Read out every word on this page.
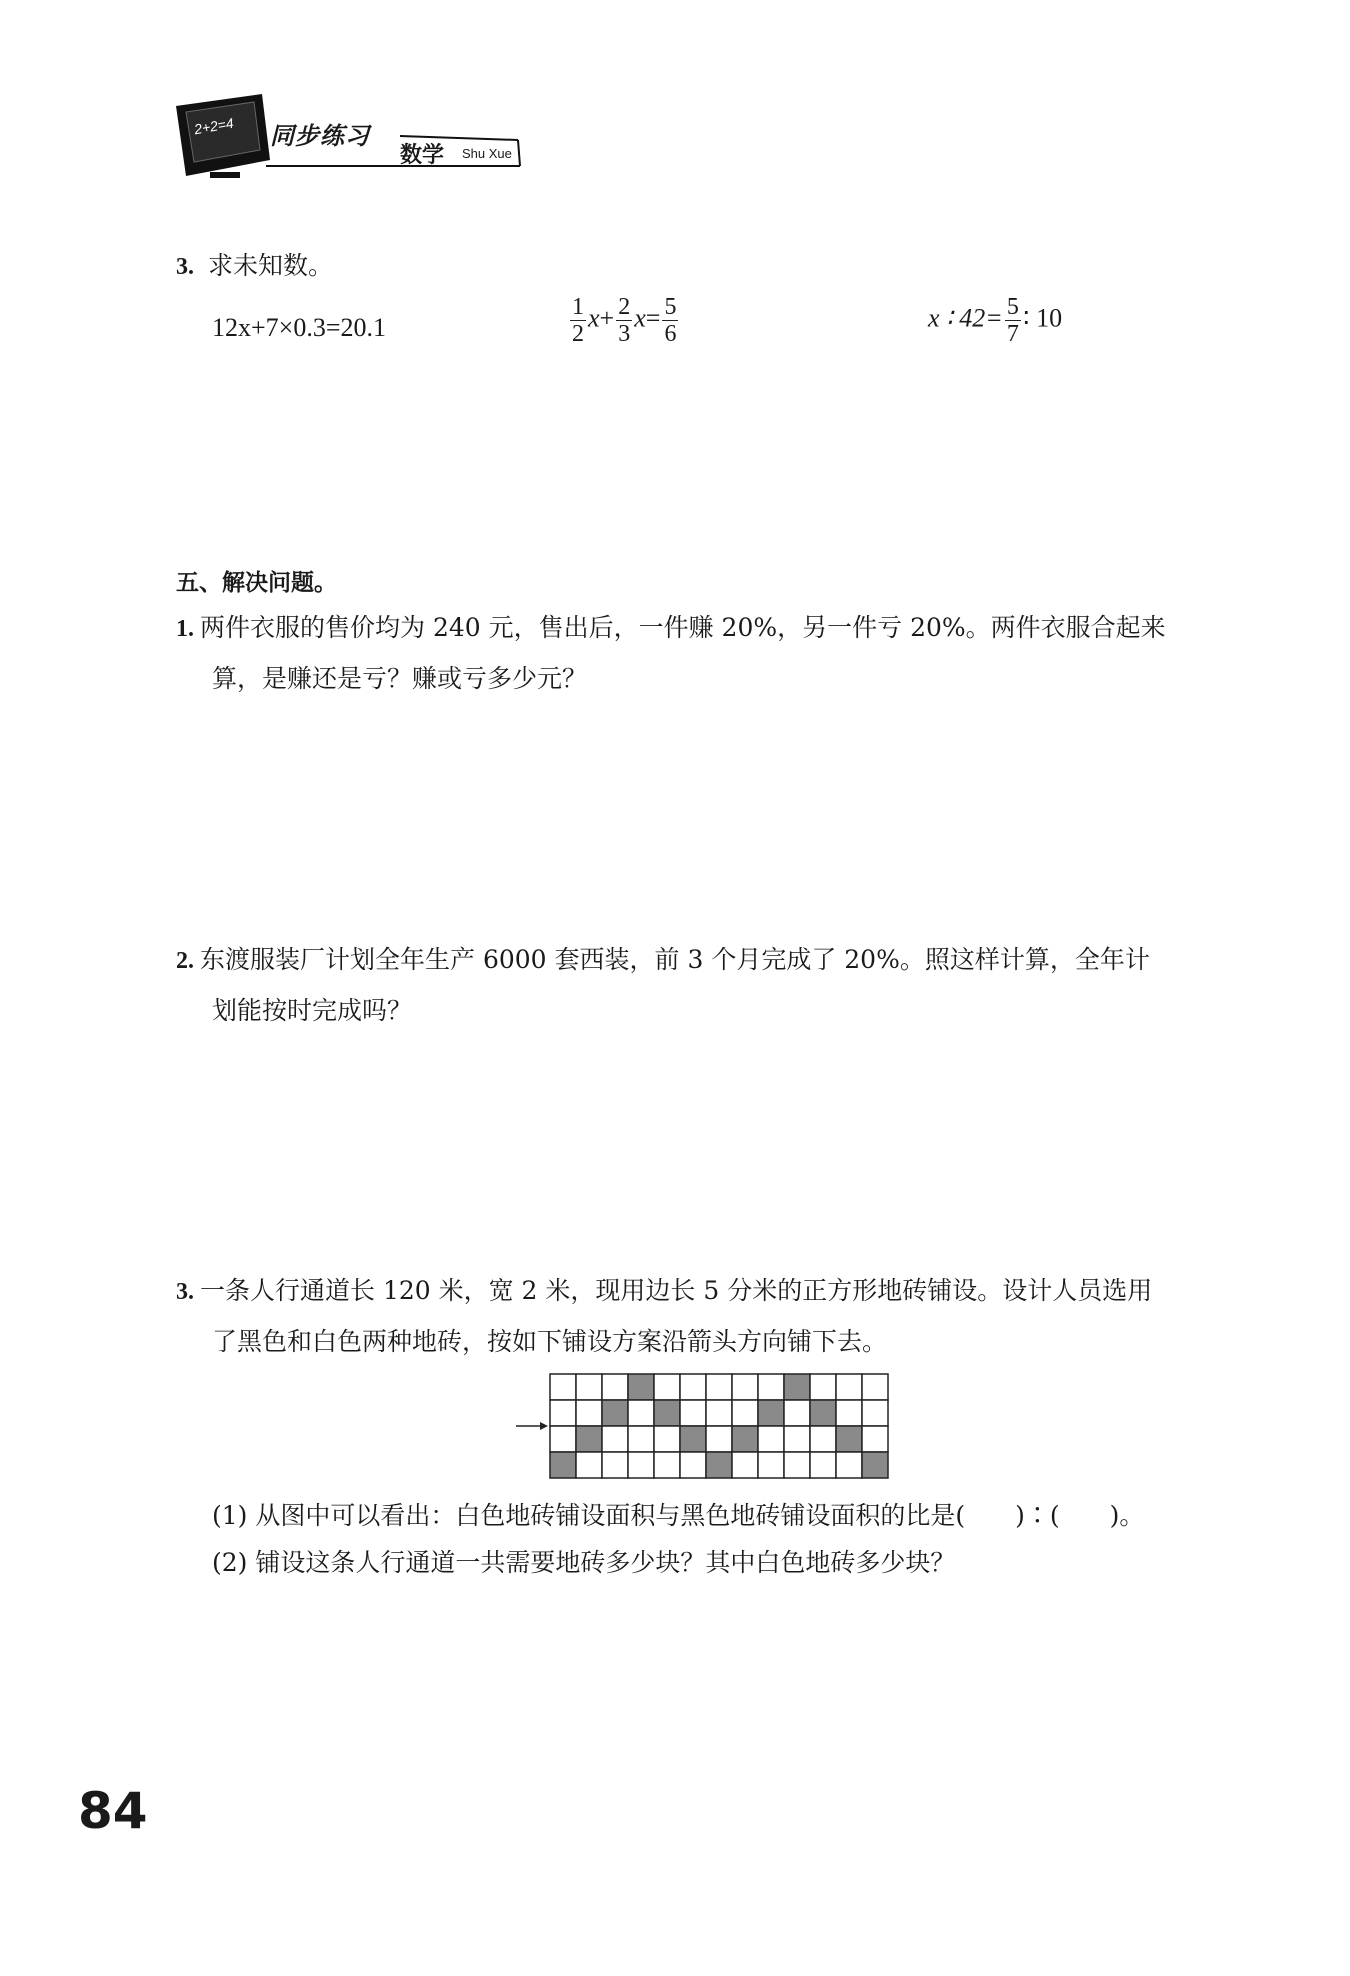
2+2=4 同步练习
数学 Shu Xue
3. 求未知数。
12x+7×0.3=20.1	$\frac{1}{2} x+ \frac{2}{3} x= \frac{5}{6}$	x ∶ $42= \frac{5}{7}$ ∶ 10
五、解决问题。
1. 两件衣服的售价均为 240 元，售出后，一件赚 20%，另一件亏 20%。两件衣服合起来
算，是赚还是亏？赚或亏多少元？
2. 东渡服装厂计划全年生产 6000 套西装，前 3 个月完成了 20%。照这样计算，全年计
划能按时完成吗？
3. 一条人行通道长 120 米，宽 2 米，现用边长 5 分米的正方形地砖铺设。设计人员选用
了黑色和白色两种地砖，按如下铺设方案沿箭头方向铺下去。
(1) 从图中可以看出：白色地砖铺设面积与黑色地砖铺设面积的比是(　　)∶(　　)。
(2) 铺设这条人行通道一共需要地砖多少块？其中白色地砖多少块？
84
